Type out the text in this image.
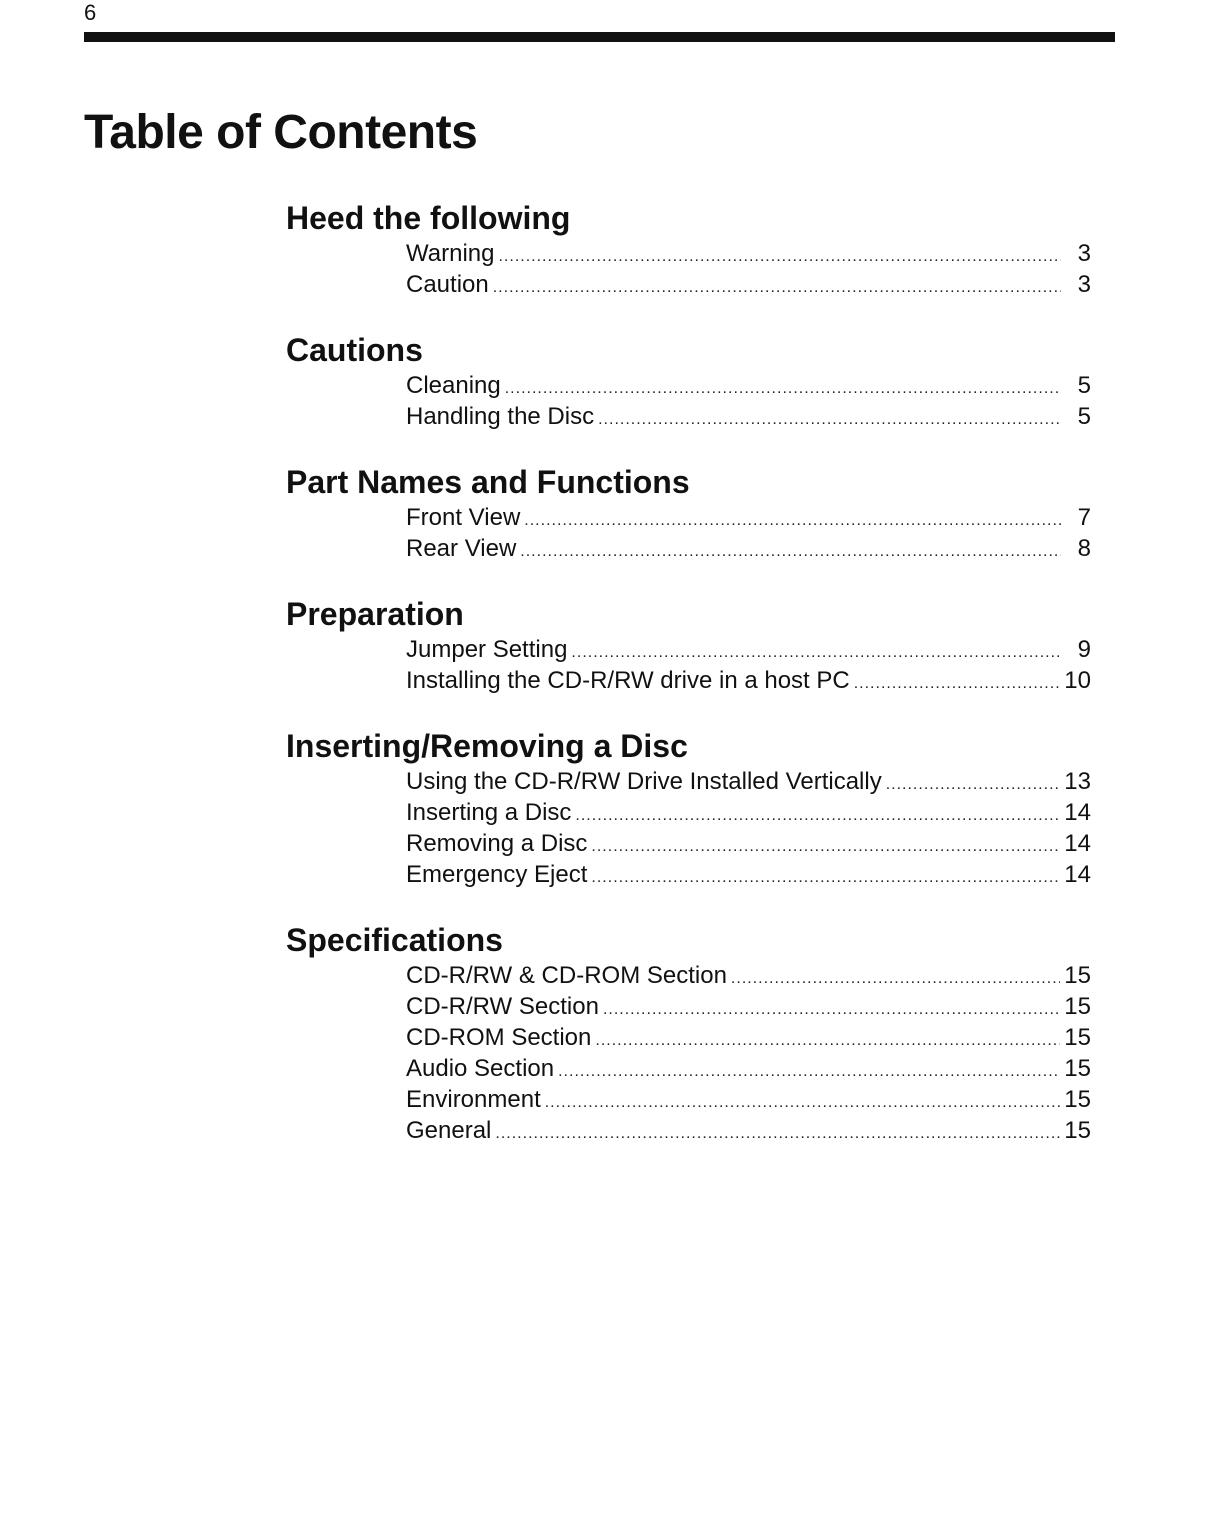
6
Table of Contents
Heed the following
Warning .....	3
Caution .....	3
Cautions
Cleaning .....	5
Handling the Disc .....	5
Part Names and Functions
Front View .....	7
Rear View .....	8
Preparation
Jumper Setting .....	9
Installing the CD-R/RW drive in a host PC .....	10
Inserting/Removing a Disc
Using the CD-R/RW Drive Installed Vertically .....	13
Inserting a Disc .....	14
Removing a Disc .....	14
Emergency Eject .....	14
Specifications
CD-R/RW & CD-ROM Section .....	15
CD-R/RW Section .....	15
CD-ROM Section .....	15
Audio Section .....	15
Environment .....	15
General .....	15
